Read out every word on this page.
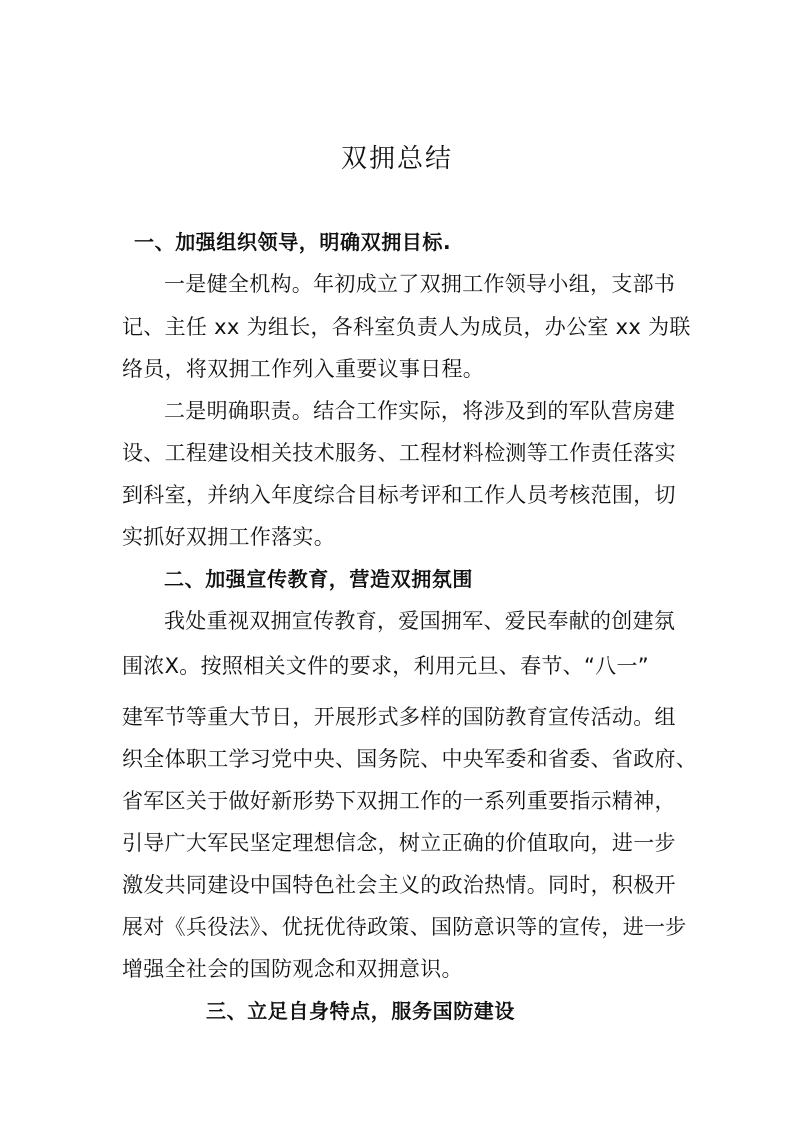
双拥总结
一、加强组织领导，明确双拥目标.
一是健全机构。年初成立了双拥工作领导小组，支部书
记、主任 xx 为组长，各科室负责人为成员，办公室 xx 为联
络员，将双拥工作列入重要议事日程。
二是明确职责。结合工作实际，将涉及到的军队营房建
设、工程建设相关技术服务、工程材料检测等工作责任落实
到科室，并纳入年度综合目标考评和工作人员考核范围，切
实抓好双拥工作落实。
二、加强宣传教育，营造双拥氛围
我处重视双拥宣传教育，爱国拥军、爱民奉献的创建氛
围浓X。按照相关文件的要求，利用元旦、春节、“八一”
建军节等重大节日，开展形式多样的国防教育宣传活动。组
织全体职工学习党中央、国务院、中央军委和省委、省政府、
省军区关于做好新形势下双拥工作的一系列重要指示精神，
引导广大军民坚定理想信念，树立正确的价值取向，进一步
激发共同建设中国特色社会主义的政治热情。同时，积极开
展对《兵役法》、优抚优待政策、国防意识等的宣传，进一步
增强全社会的国防观念和双拥意识。
三、立足自身特点，服务国防建设
